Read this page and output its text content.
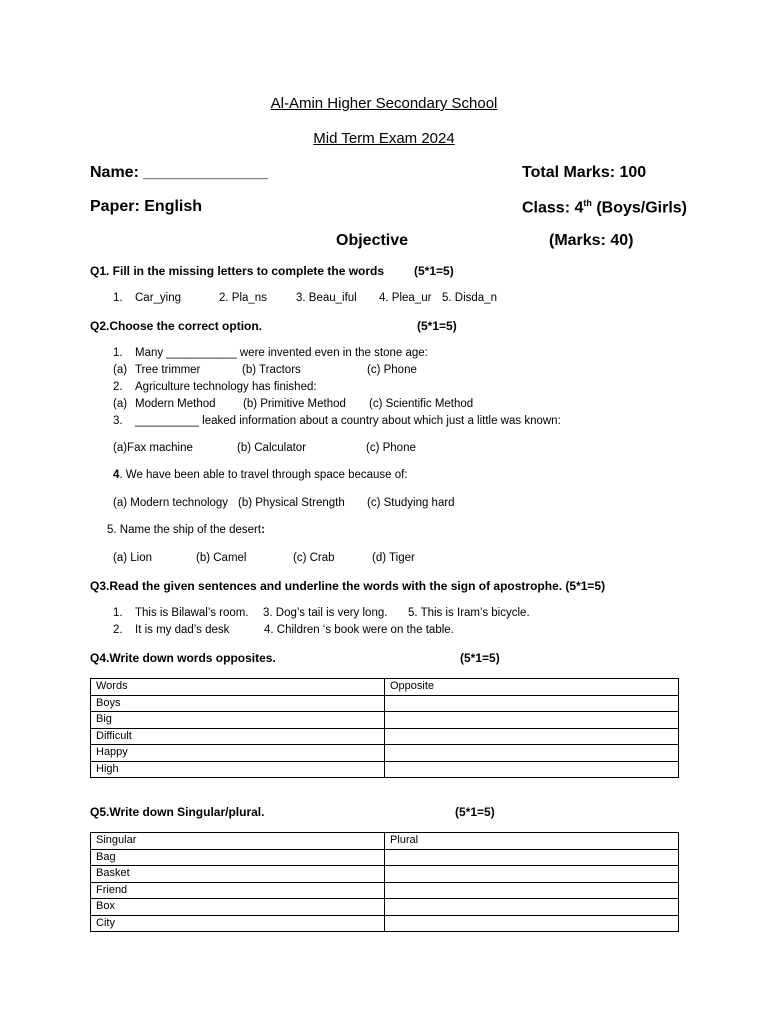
Al-Amin Higher Secondary School
Mid Term Exam 2024
Name: ______________	Total Marks: 100
Paper: English	Class: 4th (Boys/Girls)
Objective	(Marks: 40)
Q1. Fill in the missing letters to complete the words (5*1=5)
1. Car_ying	2. Pla_ns	3. Beau_iful 4. Plea_ur 5. Disda_n
Q2.Choose the correct option.	(5*1=5)
1. Many ___________ were invented even in the stone age:
(a) Tree trimmer	(b) Tractors	(c) Phone
2. Agriculture technology has finished:
(a) Modern Method (b) Primitive Method (c) Scientific Method
3. __________ leaked information about a country about which just a little was known:
(a)Fax machine	(b) Calculator	(c) Phone
4. We have been able to travel through space because of:
(a) Modern technology (b) Physical Strength (c) Studying hard
5. Name the ship of the desert:
(a) Lion	(b) Camel	(c) Crab	(d) Tiger
Q3.Read the given sentences and underline the words with the sign of apostrophe. (5*1=5)
1. This is Bilawal’s room. 3. Dog’s tail is very long. 5. This is Iram’s bicycle.
2. It is my dad’s desk	4. Children ‘s book were on the table.
Q4.Write down words opposites.	(5*1=5)
Words	Opposite
Boys	
Big	
Difficult	
Happy	
High	
Q5.Write down Singular/plural.	(5*1=5)
Singular	Plural
Bag	
Basket	
Friend	
Box	
City	
